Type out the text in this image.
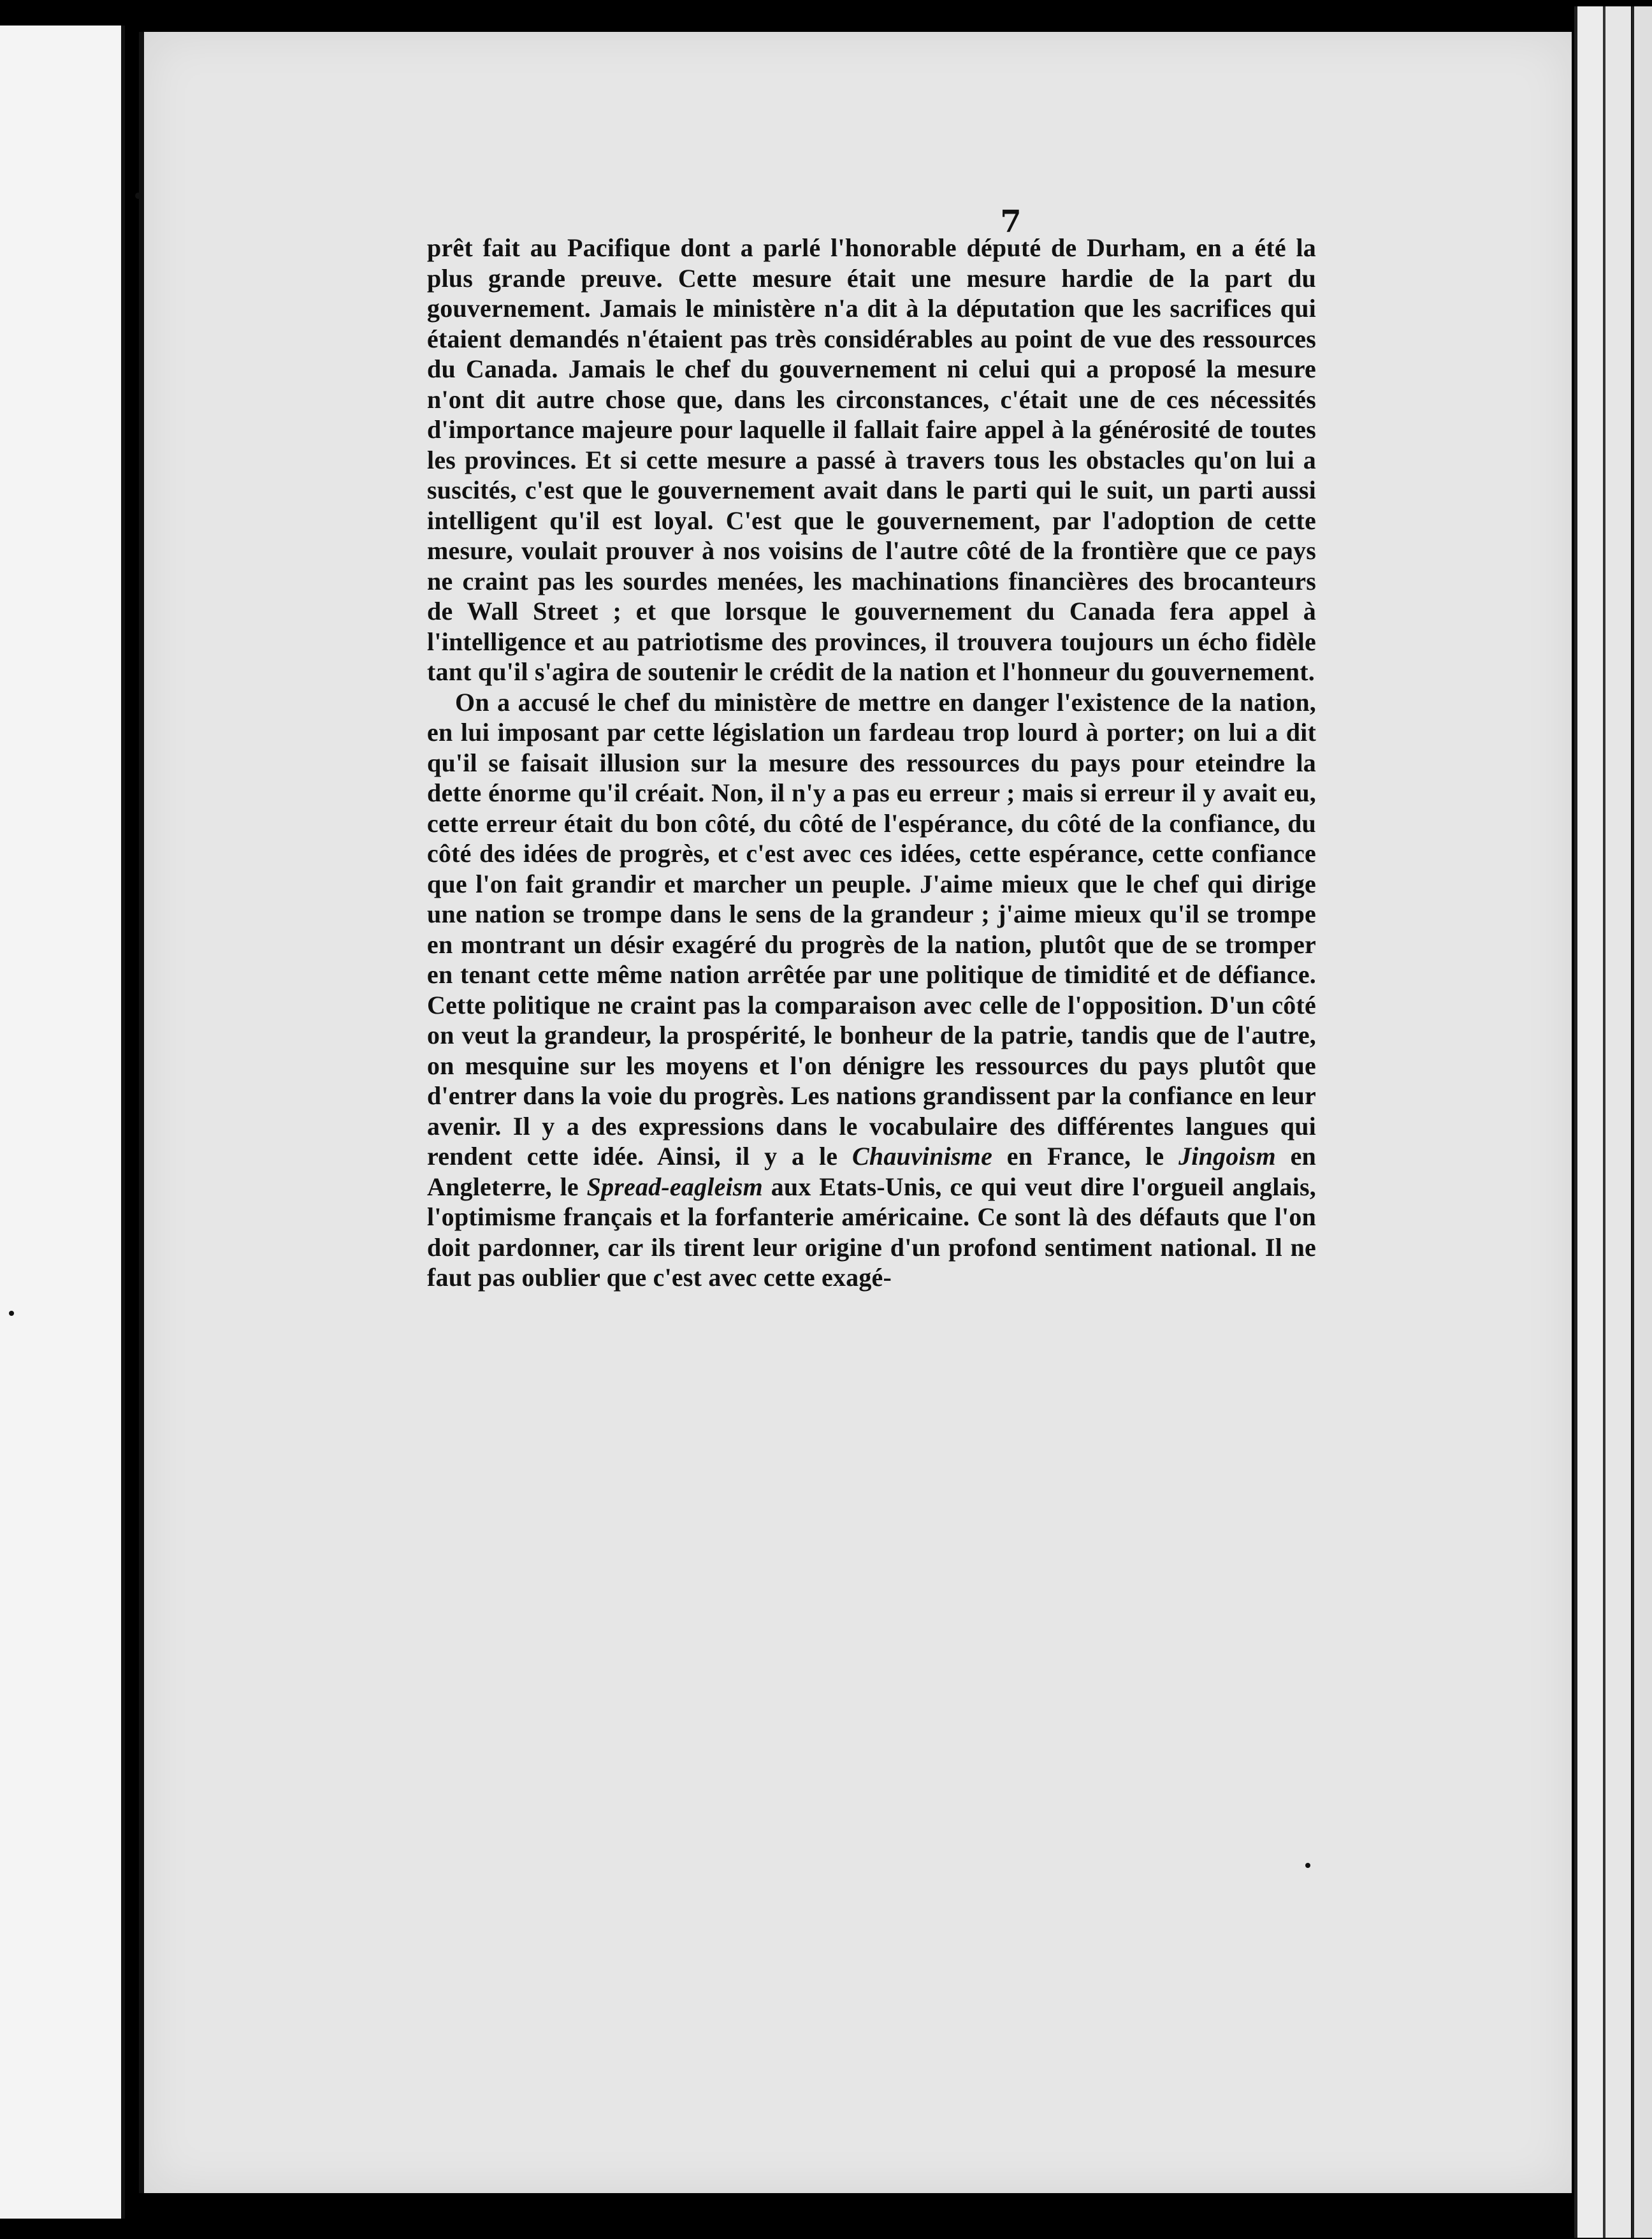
7

prêt fait au Pacifique dont a parlé l'honorable député de Durham, en a été la plus grande preuve. Cette mesure était une mesure hardie de la part du gouvernement. Jamais le ministère n'a dit à la députation que les sacrifices qui étaient demandés n'étaient pas très considérables au point de vue des ressources du Canada. Jamais le chef du gouvernement ni celui qui a proposé la mesure n'ont dit autre chose que, dans les circonstances, c'était une de ces nécessités d'importance majeure pour laquelle il fallait faire appel à la générosité de toutes les provinces. Et si cette mesure a passé à travers tous les obstacles qu'on lui a suscités, c'est que le gouvernement avait dans le parti qui le suit, un parti aussi intelligent qu'il est loyal. C'est que le gouvernement, par l'adoption de cette mesure, voulait prouver à nos voisins de l'autre côté de la frontière que ce pays ne craint pas les sourdes menées, les machinations financières des brocanteurs de Wall Street ; et que lorsque le gouvernement du Canada fera appel à l'intelligence et au patriotisme des provinces, il trouvera toujours un écho fidèle tant qu'il s'agira de soutenir le crédit de la nation et l'honneur du gouvernement.

On a accusé le chef du ministère de mettre en danger l'existence de la nation, en lui imposant par cette législation un fardeau trop lourd à porter; on lui a dit qu'il se faisait illusion sur la mesure des ressources du pays pour eteindre la dette énorme qu'il créait. Non, il n'y a pas eu erreur ; mais si erreur il y avait eu, cette erreur était du bon côté, du côté de l'espérance, du côté de la confiance, du côté des idées de progrès, et c'est avec ces idées, cette espérance, cette confiance que l'on fait grandir et marcher un peuple. J'aime mieux que le chef qui dirige une nation se trompe dans le sens de la grandeur ; j'aime mieux qu'il se trompe en montrant un désir exagéré du progrès de la nation, plutôt que de se tromper en tenant cette même nation arrêtée par une politique de timidité et de défiance. Cette politique ne craint pas la comparaison avec celle de l'opposition. D'un côté on veut la grandeur, la prospérité, le bonheur de la patrie, tandis que de l'autre, on mesquine sur les moyens et l'on dénigre les ressources du pays plutôt que d'entrer dans la voie du progrès. Les nations grandissent par la confiance en leur avenir. Il y a des expressions dans le vocabulaire des différentes langues qui rendent cette idée. Ainsi, il y a le Chauvinisme en France, le Jingoism en Angleterre, le Spread-eagleism aux Etats-Unis, ce qui veut dire l'orgueil anglais, l'optimisme français et la forfanterie américaine. Ce sont là des défauts que l'on doit pardonner, car ils tirent leur origine d'un profond sentiment national. Il ne faut pas oublier que c'est avec cette exagé-
